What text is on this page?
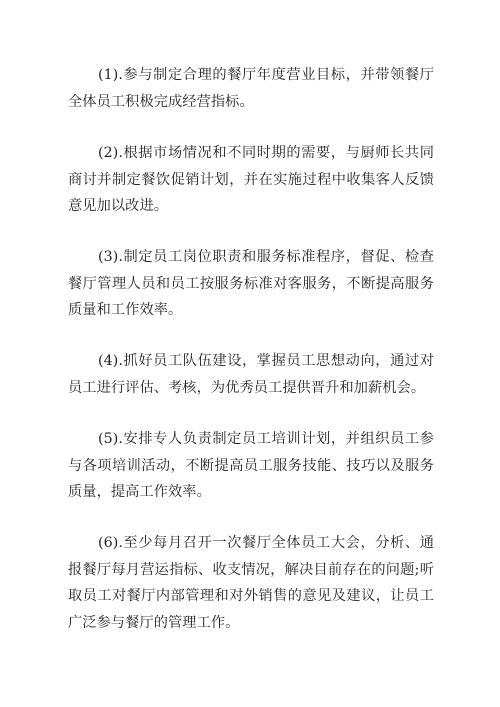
(1).参与制定合理的餐厅年度营业目标，并带领餐厅全体员工积极完成经营指标。

(2).根据市场情况和不同时期的需要，与厨师长共同商讨并制定餐饮促销计划，并在实施过程中收集客人反馈意见加以改进。

(3).制定员工岗位职责和服务标准程序，督促、检查餐厅管理人员和员工按服务标准对客服务，不断提高服务质量和工作效率。

(4).抓好员工队伍建设，掌握员工思想动向，通过对员工进行评估、考核，为优秀员工提供晋升和加薪机会。

(5).安排专人负责制定员工培训计划，并组织员工参与各项培训活动，不断提高员工服务技能、技巧以及服务质量，提高工作效率。

(6).至少每月召开一次餐厅全体员工大会，分析、通报餐厅每月营运指标、收支情况，解决目前存在的问题;听取员工对餐厅内部管理和对外销售的意见及建议，让员工广泛参与餐厅的管理工作。
